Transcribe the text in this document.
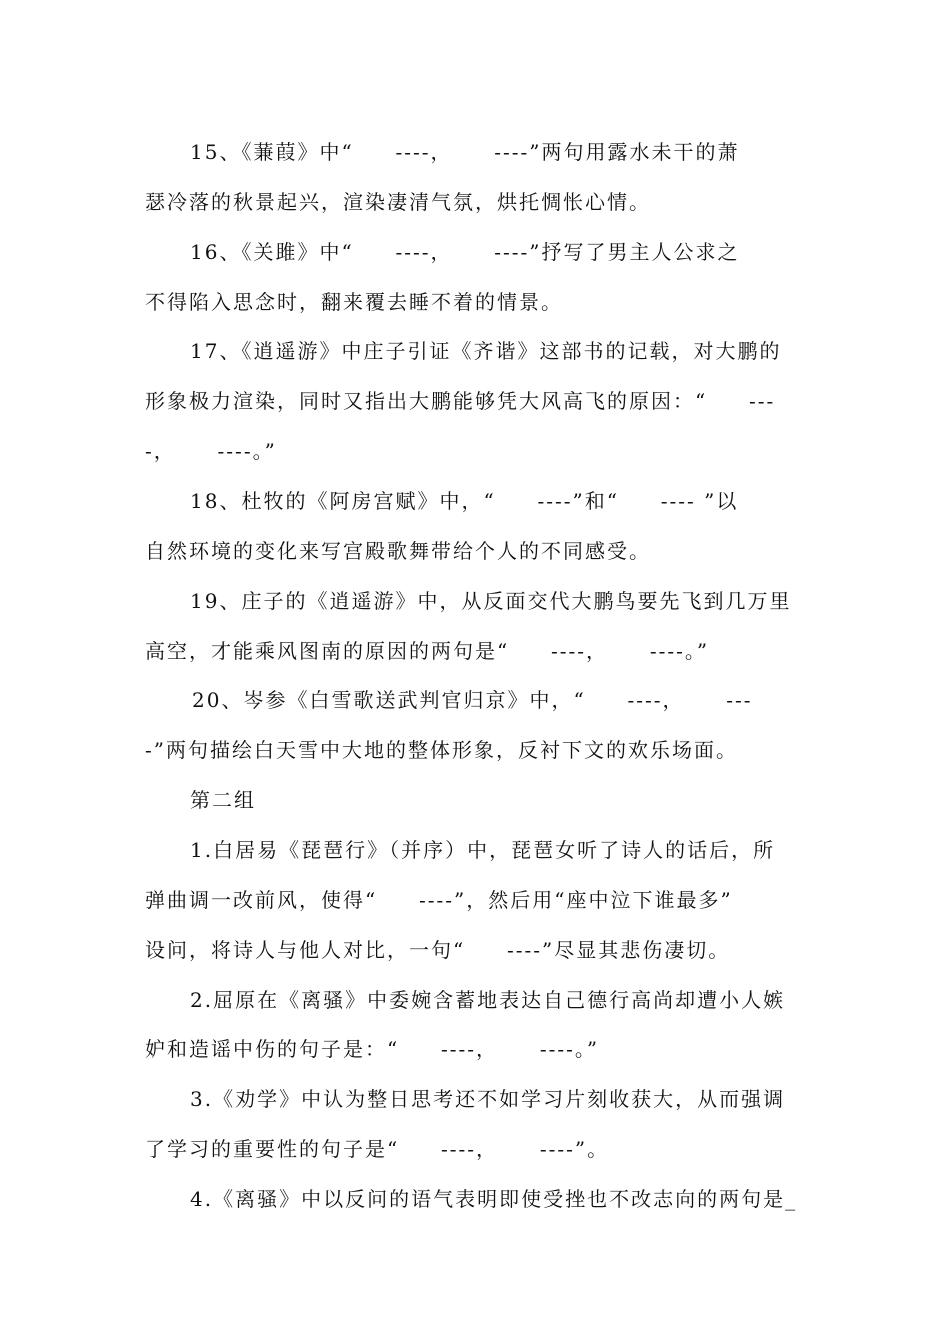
15、《蒹葭》中“     ----，     ----”两句用露水未干的萧
瑟冷落的秋景起兴，渲染凄清气氛，烘托惆怅心情。
16、《关雎》中“     ----，     ----”抒写了男主人公求之
不得陷入思念时，翻来覆去睡不着的情景。
17、《逍遥游》中庄子引证《齐谐》这部书的记载，对大鹏的
形象极力渲染，同时又指出大鹏能够凭大风高飞的原因：“     ---
-，     ----。”
18、杜牧的《阿房宫赋》中，“     ----”和“     ---- ”以
自然环境的变化来写宫殿歌舞带给个人的不同感受。
19、庄子的《逍遥游》中，从反面交代大鹏鸟要先飞到几万里
高空，才能乘风图南的原因的两句是“     ----，     ----。”
20、岑参《白雪歌送武判官归京》中，“     ----，     ---
-”两句描绘白天雪中大地的整体形象，反衬下文的欢乐场面。
第二组
1.白居易《琵琶行》（并序）中，琵琶女听了诗人的话后，所
弹曲调一改前风，使得“     ----”，然后用“座中泣下谁最多”
设问，将诗人与他人对比，一句“     ----”尽显其悲伤凄切。
2.屈原在《离骚》中委婉含蓄地表达自己德行高尚却遭小人嫉
妒和造谣中伤的句子是：“     ----，     ----。”
3.《劝学》中认为整日思考还不如学习片刻收获大，从而强调
了学习的重要性的句子是“     ----，     ----”。
4.《离骚》中以反问的语气表明即使受挫也不改志向的两句是_
